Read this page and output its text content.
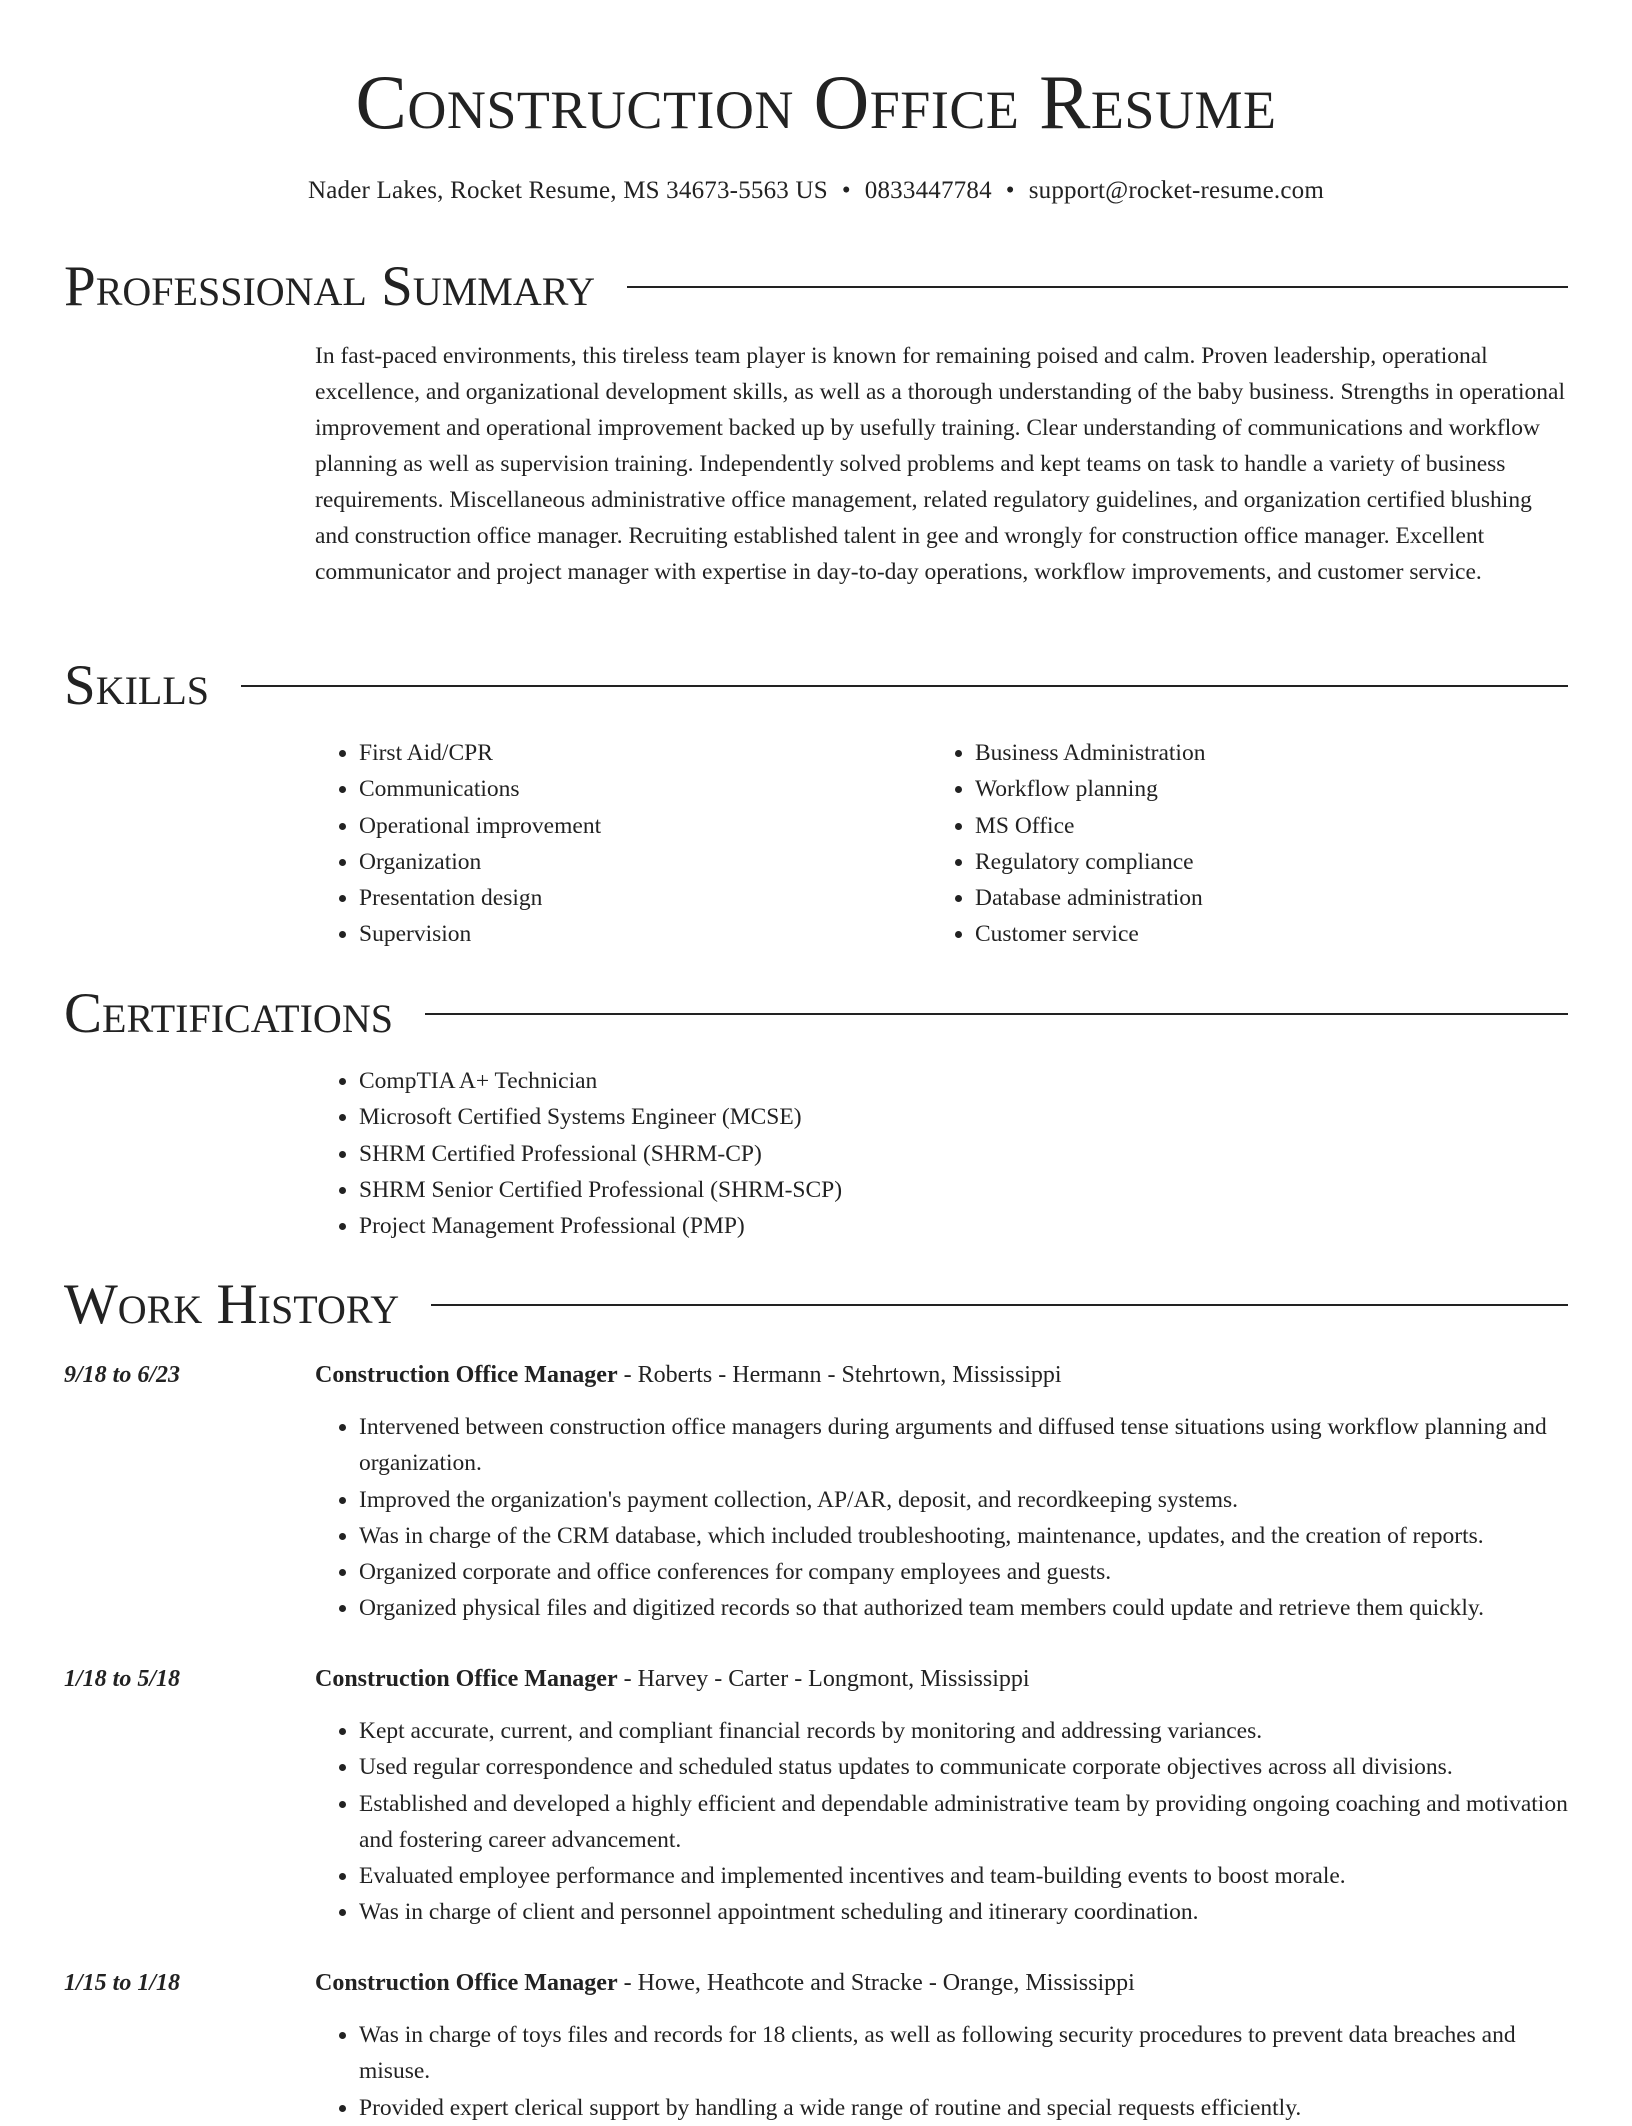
Construction Office Resume
Nader Lakes, Rocket Resume, MS 34673-5563 US • 0833447784 • support@rocket-resume.com
Professional Summary

In fast-paced environments, this tireless team player is known for remaining poised and calm. Proven leadership, operational excellence, and organizational development skills, as well as a thorough understanding of the baby business. Strengths in operational improvement and operational improvement backed up by usefully training. Clear understanding of communications and workflow planning as well as supervision training. Independently solved problems and kept teams on task to handle a variety of business requirements. Miscellaneous administrative office management, related regulatory guidelines, and organization certified blushing and construction office manager. Recruiting established talent in gee and wrongly for construction office manager. Excellent communicator and project manager with expertise in day-to-day operations, workflow improvements, and customer service.

Skills
• First Aid/CPR
• Communications
• Operational improvement
• Organization
• Presentation design
• Supervision
• Business Administration
• Workflow planning
• MS Office
• Regulatory compliance
• Database administration
• Customer service
Certifications
• CompTIA A+ Technician
• Microsoft Certified Systems Engineer (MCSE)
• SHRM Certified Professional (SHRM-CP)
• SHRM Senior Certified Professional (SHRM-SCP)
• Project Management Professional (PMP)
Work History
9/18 to 6/23	Construction Office Manager - Roberts - Hermann - Stehrtown, Mississippi
• Intervened between construction office managers during arguments and diffused tense situations using workflow planning and organization.
• Improved the organization's payment collection, AP/AR, deposit, and recordkeeping systems.
• Was in charge of the CRM database, which included troubleshooting, maintenance, updates, and the creation of reports.
• Organized corporate and office conferences for company employees and guests.
• Organized physical files and digitized records so that authorized team members could update and retrieve them quickly.
1/18 to 5/18	Construction Office Manager - Harvey - Carter - Longmont, Mississippi
• Kept accurate, current, and compliant financial records by monitoring and addressing variances.
• Used regular correspondence and scheduled status updates to communicate corporate objectives across all divisions.
• Established and developed a highly efficient and dependable administrative team by providing ongoing coaching and motivation and fostering career advancement.
• Evaluated employee performance and implemented incentives and team-building events to boost morale.
• Was in charge of client and personnel appointment scheduling and itinerary coordination.
1/15 to 1/18	Construction Office Manager - Howe, Heathcote and Stracke - Orange, Mississippi
• Was in charge of toys files and records for 18 clients, as well as following security procedures to prevent data breaches and misuse.
• Provided expert clerical support by handling a wide range of routine and special requests efficiently.
